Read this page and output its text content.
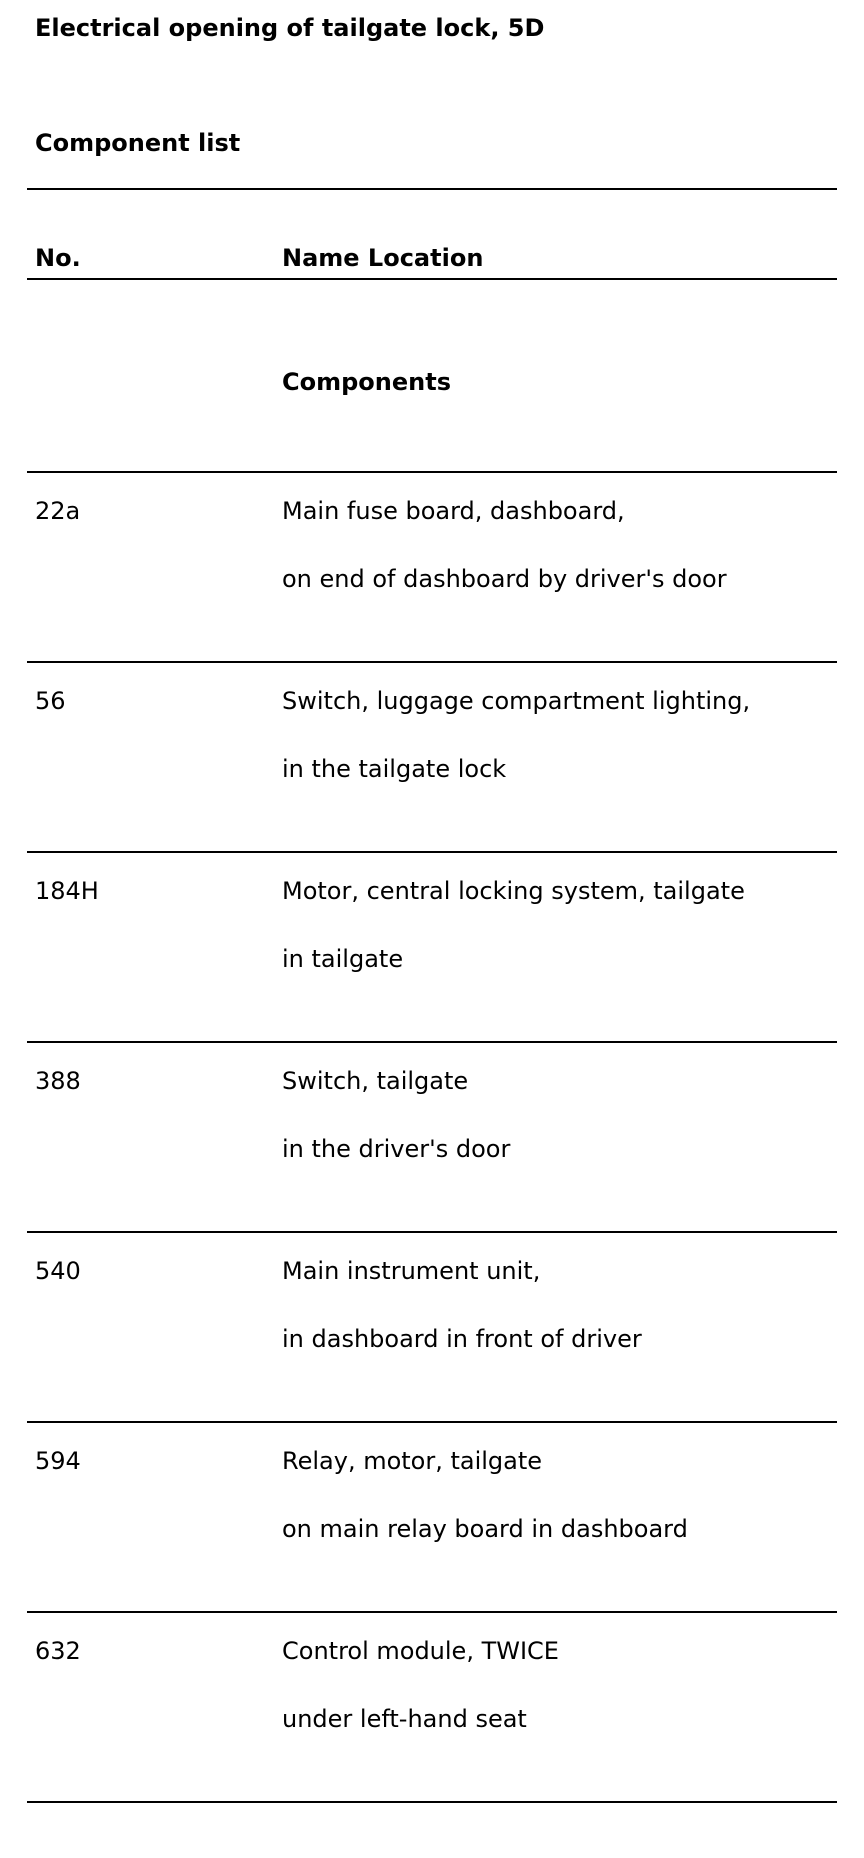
Electrical opening of tailgate lock, 5D
Component list
No.	Name Location
Components
22a	Main fuse board, dashboard,
on end of dashboard by driver's door
56	Switch, luggage compartment lighting,
in the tailgate lock
184H	Motor, central locking system, tailgate
in tailgate
388	Switch, tailgate
in the driver's door
540	Main instrument unit,
in dashboard in front of driver
594	Relay, motor, tailgate
on main relay board in dashboard
632	Control module, TWICE
under left-hand seat
